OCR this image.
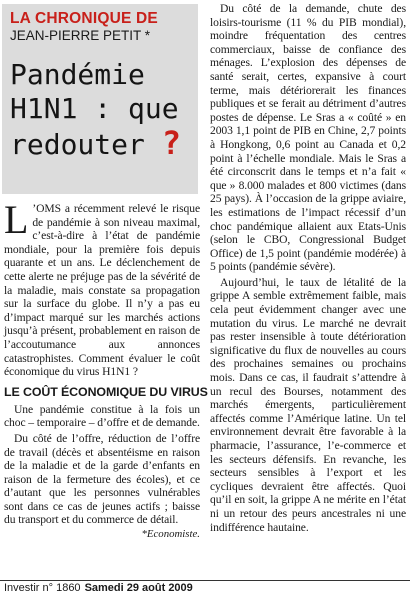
LA CHRONIQUE DE
JEAN-PIERRE PETIT *
Pandémie
H1N1 : que
redouter ?

L ’OMS a récemment relevé le risque de pandémie à son niveau maximal, c’est-à-dire à l’état de pandémie mondiale, pour la première fois depuis quarante et un ans. Le déclenchement de cette alerte ne préjuge pas de la sévérité de la maladie, mais constate sa propagation sur la surface du globe. Il n’y a pas eu d’impact marqué sur les marchés actions jusqu’à présent, probablement en raison de l’accoutumance aux annonces catastrophistes. Comment évaluer le coût économique du virus H1N1 ?

LE COÛT ÉCONOMIQUE DU VIRUS

Une pandémie constitue à la fois un choc – temporaire – d’offre et de demande.

Du côté de l’offre, réduction de l’offre de travail (décès et absentéisme en raison de la maladie et de la garde d’enfants en raison de la fermeture des écoles), et ce d’autant que les personnes vulnérables sont dans ce cas de jeunes actifs ; baisse du transport et du commerce de détail.

*Economiste.

Du côté de la demande, chute des loisirs-tourisme (11 % du PIB mondial), moindre fréquentation des centres commerciaux, baisse de confiance des ménages. L’explosion des dépenses de santé serait, certes, expansive à court terme, mais détériorerait les finances publiques et se ferait au détriment d’autres postes de dépense. Le Sras a « coûté » en 2003 1,1 point de PIB en Chine, 2,7 points à Hongkong, 0,6 point au Canada et 0,2 point à l’échelle mondiale. Mais le Sras a été circonscrit dans le temps et n’a fait « que » 8.000 malades et 800 victimes (dans 25 pays). À l’occasion de la grippe aviaire, les estimations de l’impact récessif d’un choc pandémique allaient aux Etats-Unis (selon le CBO, Congressional Budget Office) de 1,5 point (pandémie modérée) à 5 points (pandémie sévère).

Aujourd’hui, le taux de létalité de la grippe A semble extrêmement faible, mais cela peut évidemment changer avec une mutation du virus. Le marché ne devrait pas rester insensible à toute détérioration significative du flux de nouvelles au cours des prochaines semaines ou prochains mois. Dans ce cas, il faudrait s’attendre à un recul des Bourses, notamment des marchés émergents, particulièrement affectés comme l’Amérique latine. Un tel environnement devrait être favorable à la pharmacie, l’assurance, l’e-commerce et les secteurs défensifs. En revanche, les secteurs sensibles à l’export et les cycliques devraient être affectés. Quoi qu’il en soit, la grippe A ne mérite en l’état ni un retour des peurs ancestrales ni une indifférence hautaine.

Investir n° 1860 Samedi 29 août 2009
